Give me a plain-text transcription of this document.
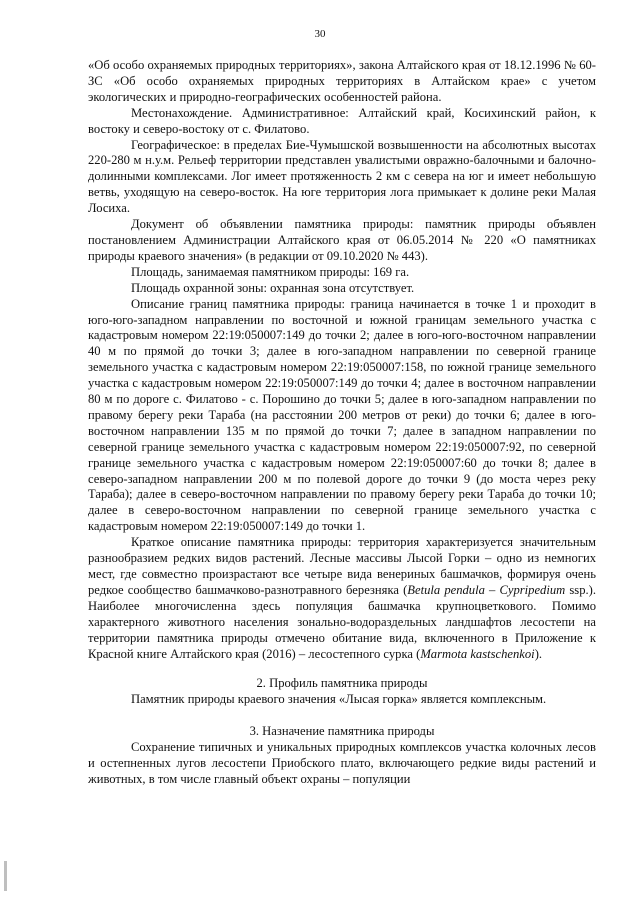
30

«Об особо охраняемых природных территориях», закона Алтайского края от 18.12.1996 № 60-ЗС «Об особо охраняемых природных территориях в Алтайском крае» с учетом экологических и природно-географических особенностей района.

Местонахождение. Административное: Алтайский край, Косихинский район, к востоку и северо-востоку от с. Филатово.

Географическое: в пределах Бие-Чумышской возвышенности на абсолютных высотах 220-280 м н.у.м. Рельеф территории представлен увалистыми овражно-балочными и балочно-долинными комплексами. Лог имеет протяженность 2 км с севера на юг и имеет небольшую ветвь, уходящую на северо-восток. На юге территория лога примыкает к долине реки Малая Лосиха.

Документ об объявлении памятника природы: памятник природы объявлен постановлением Администрации Алтайского края от 06.05.2014 № 220 «О памятниках природы краевого значения» (в редакции от 09.10.2020 № 443).

Площадь, занимаемая памятником природы: 169 га.

Площадь охранной зоны: охранная зона отсутствует.

Описание границ памятника природы: граница начинается в точке 1 и проходит в юго-юго-западном направлении по восточной и южной границам земельного участка с кадастровым номером 22:19:050007:149 до точки 2; далее в юго-юго-восточном направлении 40 м по прямой до точки 3; далее в юго-западном направлении по северной границе земельного участка с кадастровым номером 22:19:050007:158, по южной границе земельного участка с кадастровым номером 22:19:050007:149 до точки 4; далее в восточном направлении 80 м по дороге с. Филатово - с. Порошино до точки 5; далее в юго-западном направлении по правому берегу реки Тараба (на расстоянии 200 метров от реки) до точки 6; далее в юго-восточном направлении 135 м по прямой до точки 7; далее в западном направлении по северной границе земельного участка с кадастровым номером 22:19:050007:92, по северной границе земельного участка с кадастровым номером 22:19:050007:60 до точки 8; далее в северо-западном направлении 200 м по полевой дороге до точки 9 (до моста через реку Тараба); далее в северо-восточном направлении по правому берегу реки Тараба до точки 10; далее в северо-восточном направлении по северной границе земельного участка с кадастровым номером 22:19:050007:149 до точки 1.

Краткое описание памятника природы: территория характеризуется значительным разнообразием редких видов растений. Лесные массивы Лысой Горки – одно из немногих мест, где совместно произрастают все четыре вида венериных башмачков, формируя очень редкое сообщество башмачково-разнотравного березняка (Betula pendula – Cypripedium ssp.). Наиболее многочисленна здесь популяция башмачка крупноцветкового. Помимо характерного животного населения зонально-водораздельных ландшафтов лесостепи на территории памятника природы отмечено обитание вида, включенного в Приложение к Красной книге Алтайского края (2016) – лесостепного сурка (Marmota kastschenkoi).

2. Профиль памятника природы

Памятник природы краевого значения «Лысая горка» является комплексным.

3. Назначение памятника природы

Сохранение типичных и уникальных природных комплексов участка колочных лесов и остепненных лугов лесостепи Приобского плато, включающего редкие виды растений и животных, в том числе главный объект охраны – популяции
